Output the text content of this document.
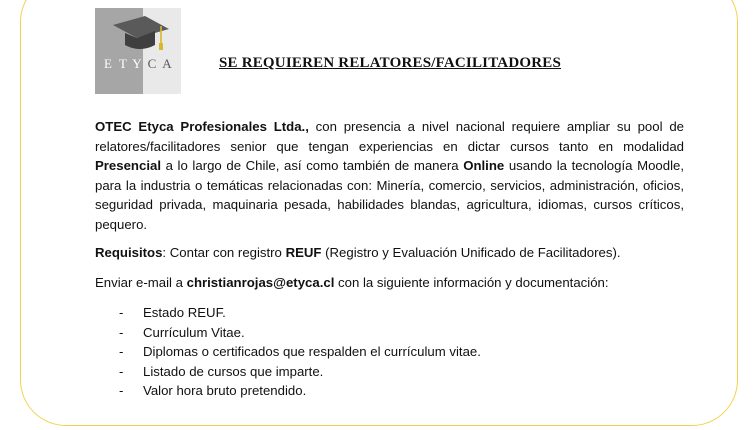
E T Y C A	SE REQUIEREN RELATORES/FACILITADORES
OTEC Etyca Profesionales Ltda., con presencia a nivel nacional requiere ampliar su pool de relatores/facilitadores senior que tengan experiencias en dictar cursos tanto en modalidad Presencial a lo largo de Chile, así como también de manera Online usando la tecnología Moodle, para la industria o temáticas relacionadas con: Minería, comercio, servicios, administración, oficios, seguridad privada, maquinaria pesada, habilidades blandas, agricultura, idiomas, cursos críticos, pequero.
Requisitos: Contar con registro REUF (Registro y Evaluación Unificado de Facilitadores).
Enviar e-mail a christianrojas@etyca.cl con la siguiente información y documentación:
- Estado REUF.
- Currículum Vitae.
- Diplomas o certificados que respalden el currículum vitae.
- Listado de cursos que imparte.
- Valor hora bruto pretendido.
